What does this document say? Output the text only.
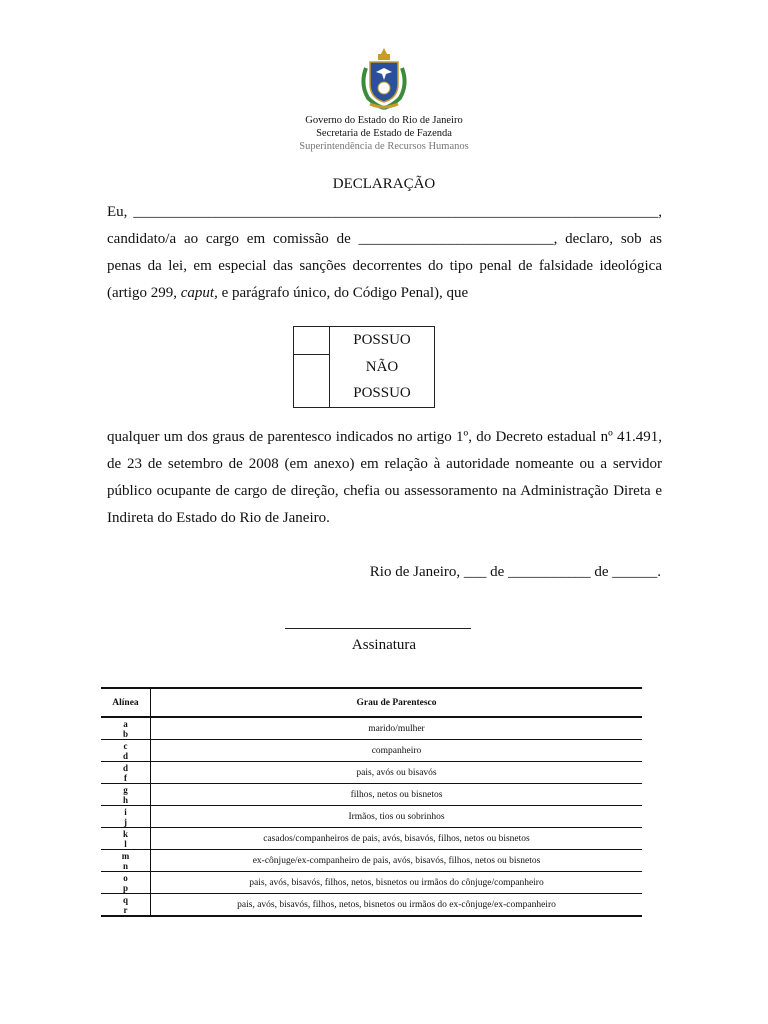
Governo do Estado do Rio de Janeiro
Secretaria de Estado de Fazenda
Superintendência de Recursos Humanos
DECLARAÇÃO
Eu, ______________________________________________________________________,
candidato/a ao cargo em comissão de __________________________, declaro, sob as
penas da lei, em especial das sanções decorrentes do tipo penal de falsidade ideológica
(artigo 299, caput, e parágrafo único, do Código Penal), que
POSSUO
NÃO
POSSUO
qualquer um dos graus de parentesco indicados no artigo 1º, do Decreto estadual nº 41.491,
de 23 de setembro de 2008 (em anexo) em relação à autoridade nomeante ou a servidor
público ocupante de cargo de direção, chefia ou assessoramento na Administração Direta e
Indireta do Estado do Rio de Janeiro.
Rio de Janeiro, ___ de ___________ de ______.
Assinatura
Alínea	Grau de Parentesco

a
b	marido/mulher

c
d	companheiro

d
f	pais, avós ou bisavós

g
h	filhos, netos ou bisnetos

i
j	Irmãos, tios ou sobrinhos

k
l	casados/companheiros de pais, avós, bisavós, filhos, netos ou bisnetos

m
n	ex-cônjuge/ex-companheiro de pais, avós, bisavós, filhos, netos ou bisnetos

o
p	pais, avós, bisavós, filhos, netos, bisnetos ou irmãos do cônjuge/companheiro

q
r	pais, avós, bisavós, filhos, netos, bisnetos ou irmãos do ex-cônjuge/ex-companheiro
